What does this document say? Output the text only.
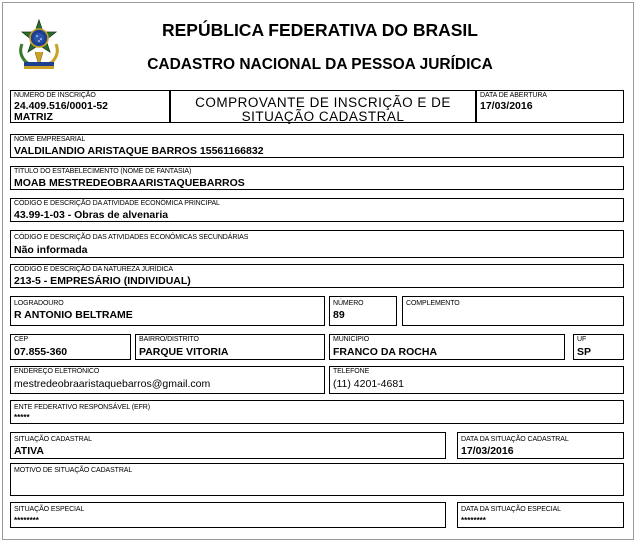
REPÚBLICA FEDERATIVA DO BRASIL
CADASTRO NACIONAL DA PESSOA JURÍDICA
NÚMERO DE INSCRIÇÃO
24.409.516/0001-52
MATRIZ
COMPROVANTE DE INSCRIÇÃO E DE
SITUAÇÃO CADASTRAL
DATA DE ABERTURA
17/03/2016
NOME EMPRESARIAL
VALDILANDIO ARISTAQUE BARROS 15561166832
TÍTULO DO ESTABELECIMENTO (NOME DE FANTASIA)
MOAB MESTREDEOBRAARISTAQUEBARROS
CÓDIGO E DESCRIÇÃO DA ATIVIDADE ECONÔMICA PRINCIPAL
43.99-1-03 - Obras de alvenaria
CÓDIGO E DESCRIÇÃO DAS ATIVIDADES ECONÔMICAS SECUNDÁRIAS
Não informada
CÓDIGO E DESCRIÇÃO DA NATUREZA JURÍDICA
213-5 - EMPRESÁRIO (INDIVIDUAL)
LOGRADOURO
R ANTONIO BELTRAME
NÚMERO
89
COMPLEMENTO
CEP
07.855-360
BAIRRO/DISTRITO
PARQUE VITORIA
MUNICÍPIO
FRANCO DA ROCHA
UF
SP
ENDEREÇO ELETRÔNICO
mestredeobraaristaquebarros@gmail.com
TELEFONE
(11) 4201-4681
ENTE FEDERATIVO RESPONSÁVEL (EFR)
*****
SITUAÇÃO CADASTRAL
ATIVA
DATA DA SITUAÇÃO CADASTRAL
17/03/2016
MOTIVO DE SITUAÇÃO CADASTRAL
SITUAÇÃO ESPECIAL
********
DATA DA SITUAÇÃO ESPECIAL
********
